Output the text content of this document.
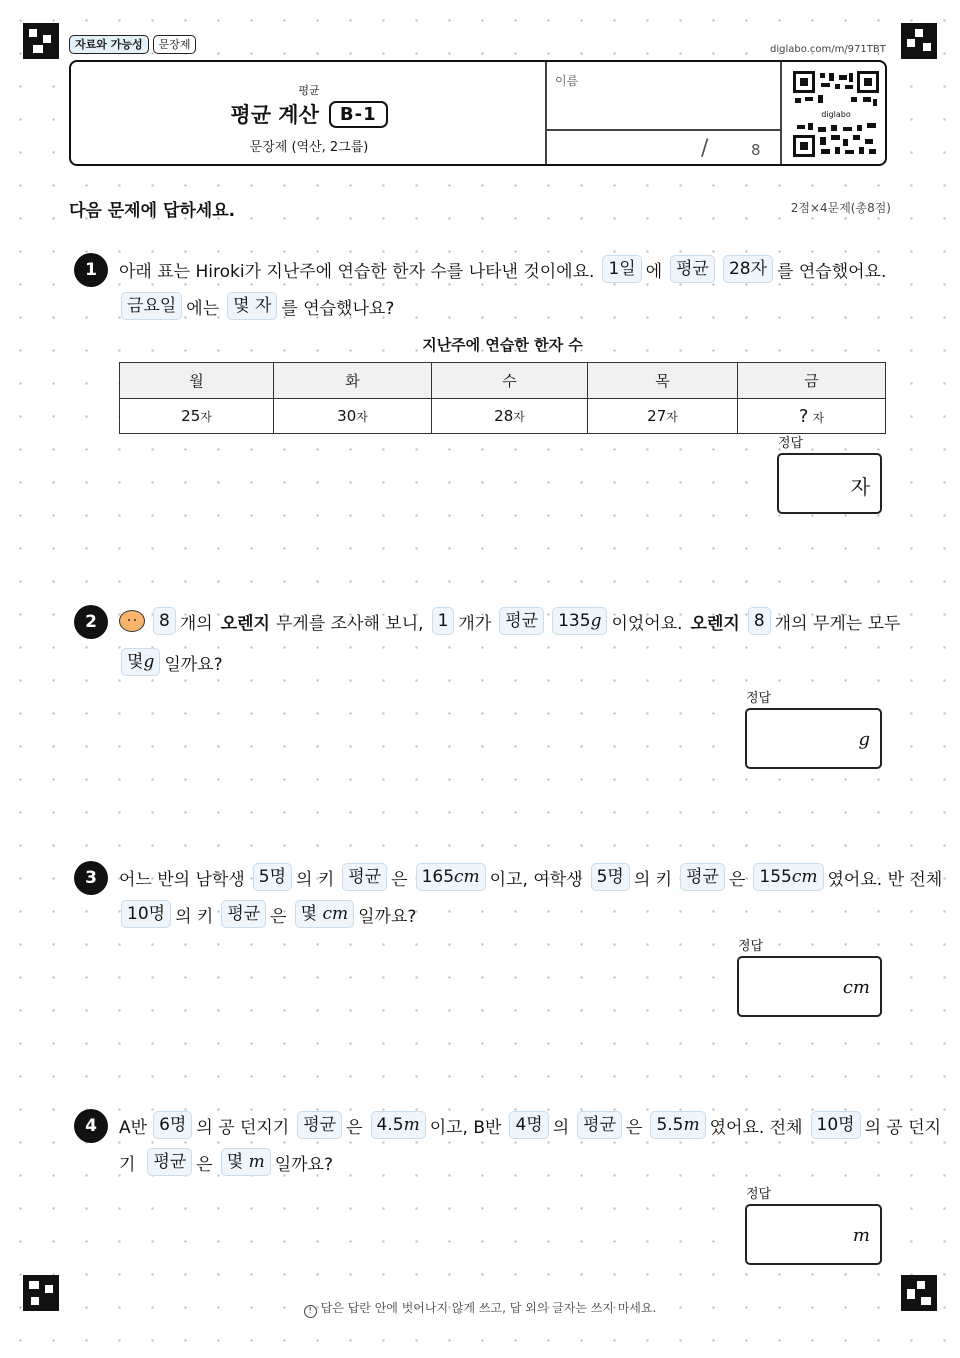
자료와 가능성	문장제	diglabo.com/m/971TBT
평균
평균 계산	B-1
문장제 (역산, 2그룹)
이름
/	8
diglabo
다음 문제에 답하세요.	2점×4문제(총8점)
1	아래 표는 Hiroki가 지난주에 연습한 한자 수를 나타낸 것이에요. 1일 에 평균	28자 를 연습했어요.
금요일 에는 몇 자 를 연습했나요?
지난주에 연습한 한자 수
월	화	수	목	금
25자	30자	28자	27자	? 자
정답
자
2	8 개의 오렌지 무게를 조사해 보니, 1 개가 평균	135g 이었어요. 오렌지 8 개의 무게는 모두
몇g 일까요?
정답
g
3	어느 반의 남학생 5명 의 키 평균 은 165cm 이고, 여학생 5명 의 키 평균 은 155cm 였어요. 반 전체
10명 의 키 평균 은 몇 cm 일까요?
정답
cm
4	A반 6명 의 공 던지기 평균 은 4.5m 이고, B반 4명 의 평균 은 5.5m 였어요. 전체 10명 의 공 던지
기	평균 은 몇 m 일까요?
정답
m
! 답은 답란 안에 벗어나지 않게 쓰고, 답 외의 글자는 쓰지 마세요.
